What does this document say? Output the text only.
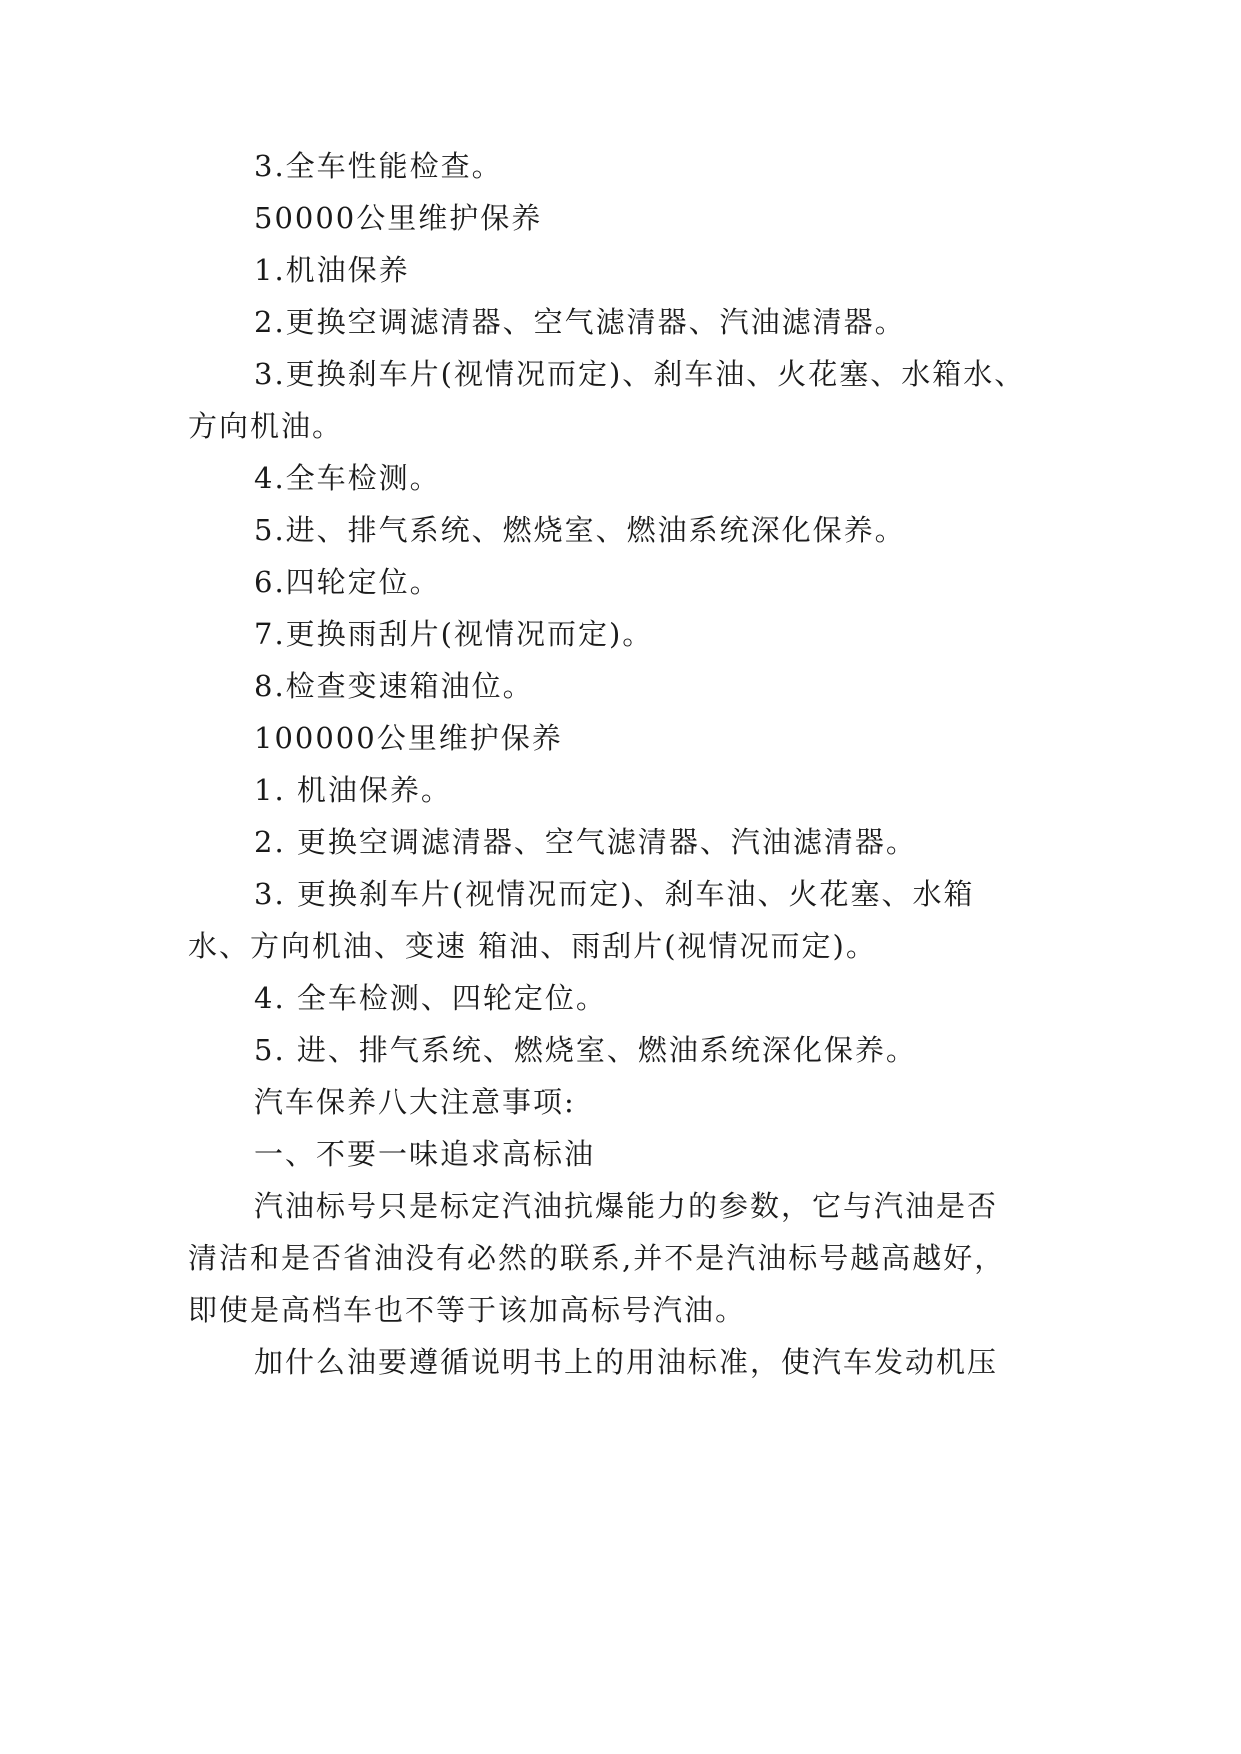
3.全车性能检查。
50000公里维护保养
1.机油保养
2.更换空调滤清器、空气滤清器、汽油滤清器。
3.更换刹车片(视情况而定)、刹车油、火花塞、水箱水、
方向机油。
4.全车检测。
5.进、排气系统、燃烧室、燃油系统深化保养。
6.四轮定位。
7.更换雨刮片(视情况而定)。
8.检查变速箱油位。
100000公里维护保养
1. 机油保养。
2. 更换空调滤清器、空气滤清器、汽油滤清器。
3. 更换刹车片(视情况而定)、刹车油、火花塞、水箱
水、方向机油、变速 箱油、雨刮片(视情况而定)。
4. 全车检测、四轮定位。
5. 进、排气系统、燃烧室、燃油系统深化保养。
汽车保养八大注意事项:
一、不要一味追求高标油
汽油标号只是标定汽油抗爆能力的参数，它与汽油是否
清洁和是否省油没有必然的联系,并不是汽油标号越高越好，
即使是高档车也不等于该加高标号汽油。
加什么油要遵循说明书上的用油标准，使汽车发动机压
